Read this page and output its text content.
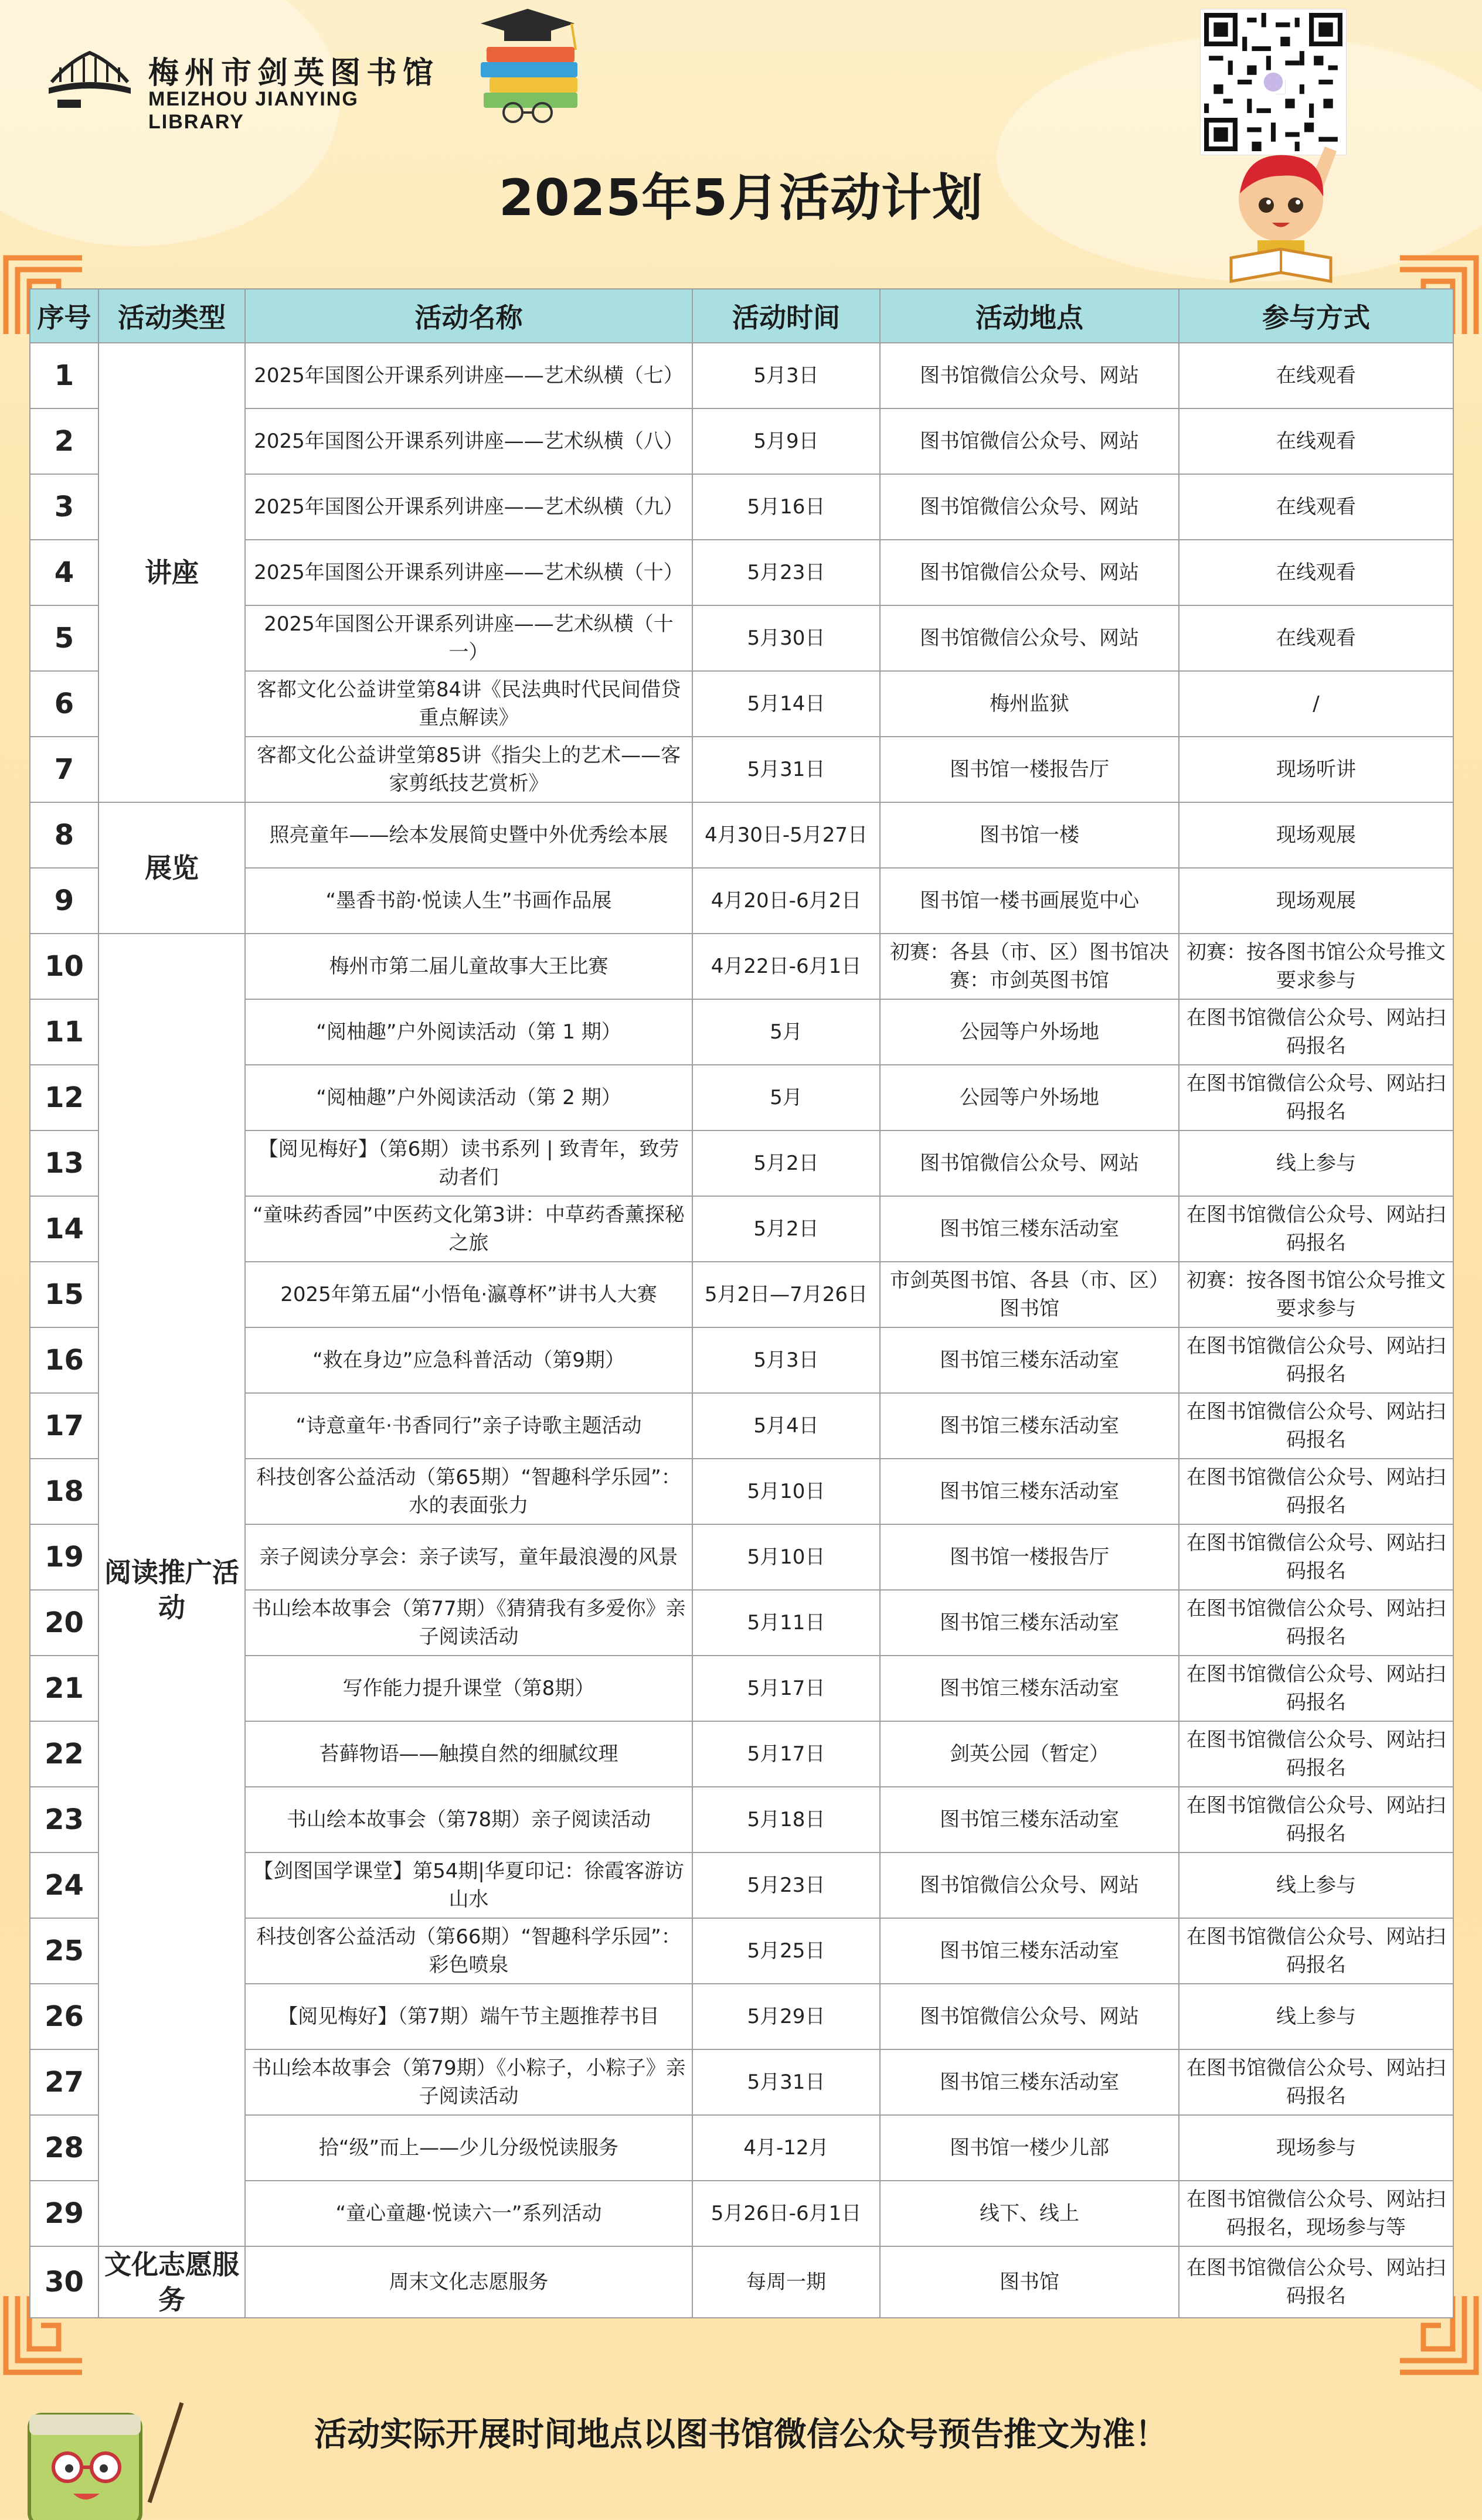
梅州市剑英图书馆
MEIZHOU JIANYING LIBRARY
2025年5月活动计划
序号	活动类型	活动名称	活动时间	活动地点	参与方式
1	讲座	2025年国图公开课系列讲座——艺术纵横（七）	5月3日	图书馆微信公众号、网站	在线观看
2		2025年国图公开课系列讲座——艺术纵横（八）	5月9日	图书馆微信公众号、网站	在线观看
3		2025年国图公开课系列讲座——艺术纵横（九）	5月16日	图书馆微信公众号、网站	在线观看
4		2025年国图公开课系列讲座——艺术纵横（十）	5月23日	图书馆微信公众号、网站	在线观看
5		2025年国图公开课系列讲座——艺术纵横（十一）	5月30日	图书馆微信公众号、网站	在线观看
6		客都文化公益讲堂第84讲《民法典时代民间借贷重点解读》	5月14日	梅州监狱	/
7		客都文化公益讲堂第85讲《指尖上的艺术——客家剪纸技艺赏析》	5月31日	图书馆一楼报告厅	现场听讲
8	展览	照亮童年——绘本发展简史暨中外优秀绘本展	4月30日-5月27日	图书馆一楼	现场观展
9		“墨香书韵·悦读人生”书画作品展	4月20日-6月2日	图书馆一楼书画展览中心	现场观展
10	阅读推广活动	梅州市第二届儿童故事大王比赛	4月22日-6月1日	初赛：各县（市、区）图书馆决赛：市剑英图书馆	初赛：按各图书馆公众号推文要求参与
11		“阅柚趣”户外阅读活动（第 1 期）	5月	公园等户外场地	在图书馆微信公众号、网站扫码报名
12		“阅柚趣”户外阅读活动（第 2 期）	5月	公园等户外场地	在图书馆微信公众号、网站扫码报名
13		【阅见梅好】（第6期）读书系列 | 致青年，致劳动者们	5月2日	图书馆微信公众号、网站	线上参与
14		“童味药香园”中医药文化第3讲：中草药香薰探秘之旅	5月2日	图书馆三楼东活动室	在图书馆微信公众号、网站扫码报名
15		2025年第五届“小悟龟·瀛尊杯”讲书人大赛	5月2日—7月26日	市剑英图书馆、各县（市、区）图书馆	初赛：按各图书馆公众号推文要求参与
16		“救在身边”应急科普活动（第9期）	5月3日	图书馆三楼东活动室	在图书馆微信公众号、网站扫码报名
17		“诗意童年·书香同行”亲子诗歌主题活动	5月4日	图书馆三楼东活动室	在图书馆微信公众号、网站扫码报名
18		科技创客公益活动（第65期）“智趣科学乐园”：水的表面张力	5月10日	图书馆三楼东活动室	在图书馆微信公众号、网站扫码报名
19		亲子阅读分享会：亲子读写，童年最浪漫的风景	5月10日	图书馆一楼报告厅	在图书馆微信公众号、网站扫码报名
20		书山绘本故事会（第77期）《猜猜我有多爱你》亲子阅读活动	5月11日	图书馆三楼东活动室	在图书馆微信公众号、网站扫码报名
21		写作能力提升课堂（第8期）	5月17日	图书馆三楼东活动室	在图书馆微信公众号、网站扫码报名
22		苔藓物语——触摸自然的细腻纹理	5月17日	剑英公园（暂定）	在图书馆微信公众号、网站扫码报名
23		书山绘本故事会（第78期）亲子阅读活动	5月18日	图书馆三楼东活动室	在图书馆微信公众号、网站扫码报名
24		【剑图国学课堂】第54期|华夏印记：徐霞客游访山水	5月23日	图书馆微信公众号、网站	线上参与
25		科技创客公益活动（第66期）“智趣科学乐园”：彩色喷泉	5月25日	图书馆三楼东活动室	在图书馆微信公众号、网站扫码报名
26		【阅见梅好】（第7期）端午节主题推荐书目	5月29日	图书馆微信公众号、网站	线上参与
27		书山绘本故事会（第79期）《小粽子，小粽子》亲子阅读活动	5月31日	图书馆三楼东活动室	在图书馆微信公众号、网站扫码报名
28		拾“级”而上——少儿分级悦读服务	4月-12月	图书馆一楼少儿部	现场参与
29		“童心童趣·悦读六一”系列活动	5月26日-6月1日	线下、线上	在图书馆微信公众号、网站扫码报名，现场参与等
30	文化志愿服务	周末文化志愿服务	每周一期	图书馆	在图书馆微信公众号、网站扫码报名
活动实际开展时间地点以图书馆微信公众号预告推文为准！
